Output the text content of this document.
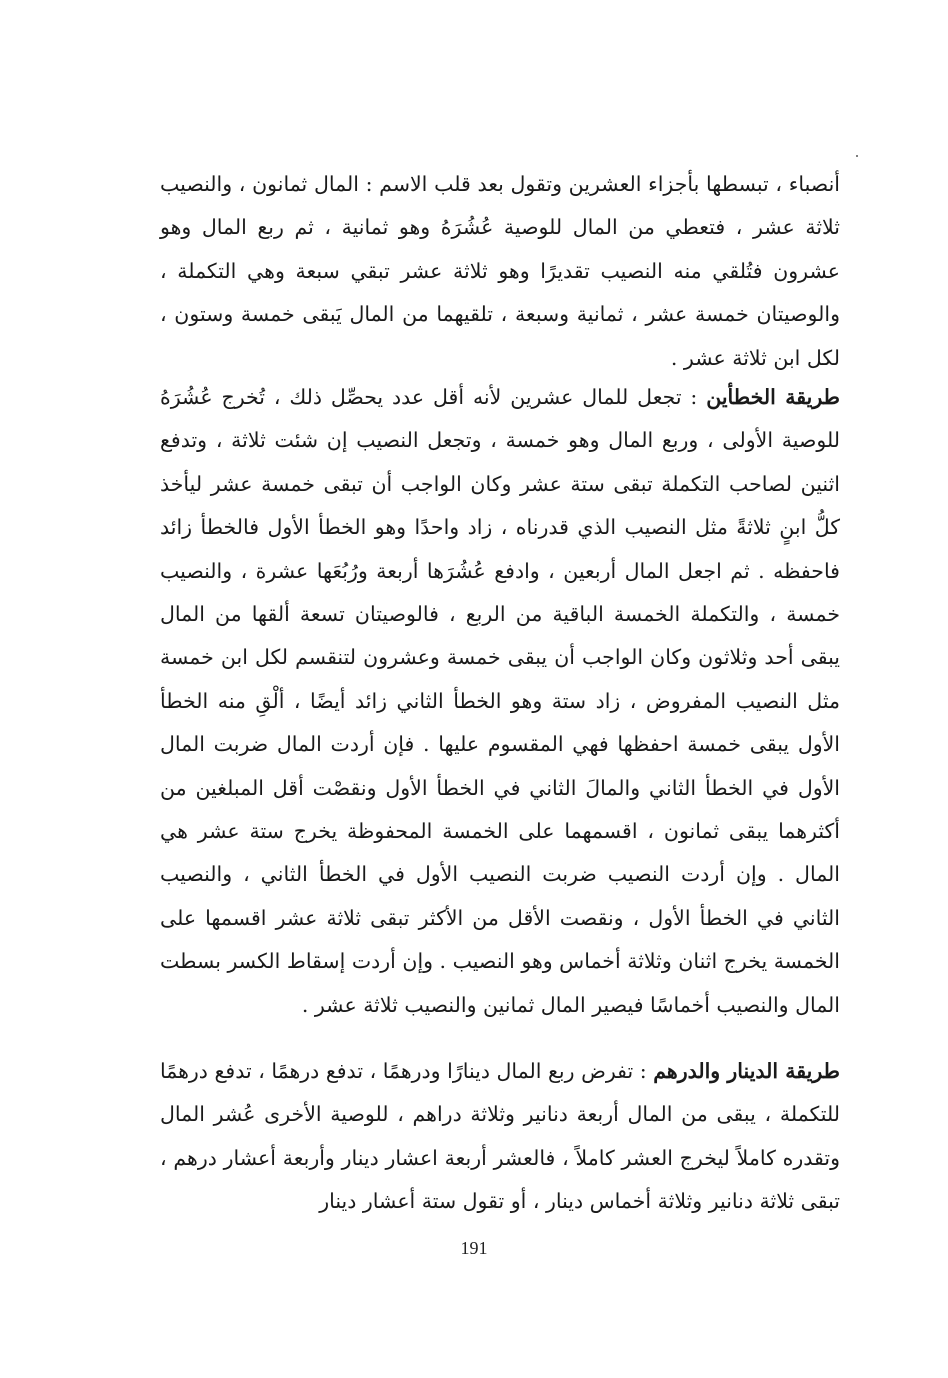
أنصباء ، تبسطها بأجزاء العشرين وتقول بعد قلب الاسم : المال ثمانون ، والنصيب ثلاثة عشر ، فتعطي من المال للوصية عُشُرَهُ وهو ثمانية ، ثم ربع المال وهو عشرون فتُلقي منه النصيب تقديرًا وهو ثلاثة عشر تبقي سبعة وهي التكملة ، والوصيتان خمسة عشر ، ثمانية وسبعة ، تلقيهما من المال يَبقى خمسة وستون ، لكل ابن ثلاثة عشر .
طريقة الخطأين : تجعل للمال عشرين لأنه أقل عدد يحصِّل ذلك ، تُخرج عُشُرَهُ للوصية الأولى ، وربع المال وهو خمسة ، وتجعل النصيب إن شئت ثلاثة ، وتدفع اثنين لصاحب التكملة تبقى ستة عشر وكان الواجب أن تبقى خمسة عشر ليأخذ كلُّ ابنٍ ثلاثةً مثل النصيب الذي قدرناه ، زاد واحدًا وهو الخطأ الأول فالخطأ زائد فاحفظه . ثم اجعل المال أربعين ، وادفع عُشُرَها أربعة ورُبُعَها عشرة ، والنصيب خمسة ، والتكملة الخمسة الباقية من الربع ، فالوصيتان تسعة ألقها من المال يبقى أحد وثلاثون وكان الواجب أن يبقى خمسة وعشرون لتنقسم لكل ابن خمسة مثل النصيب المفروض ، زاد ستة وهو الخطأ الثاني زائد أيضًا ، ألْقِ منه الخطأ الأول يبقى خمسة احفظها فهي المقسوم عليها . فإن أردت المال ضربت المال الأول في الخطأ الثاني والمالَ الثاني في الخطأ الأول ونقصْت أقل المبلغين من أكثرهما يبقى ثمانون ، اقسمهما على الخمسة المحفوظة يخرج ستة عشر هي المال . وإن أردت النصيب ضربت النصيب الأول في الخطأ الثاني ، والنصيب الثاني في الخطأ الأول ، ونقصت الأقل من الأكثر تبقى ثلاثة عشر اقسمها على الخمسة يخرج اثنان وثلاثة أخماس وهو النصيب . وإن أردت إسقاط الكسر بسطت المال والنصيب أخماسًا فيصير المال ثمانين والنصيب ثلاثة عشر .
طريقة الدينار والدرهم : تفرض ربع المال دينارًا ودرهمًا ، تدفع درهمًا ، تدفع درهمًا للتكملة ، يبقى من المال أربعة دنانير وثلاثة دراهم ، للوصية الأخرى عُشر المال وتقدره كاملاً ليخرج العشر كاملاً ، فالعشر أربعة اعشار دينار وأربعة أعشار درهم ، تبقى ثلاثة دنانير وثلاثة أخماس دينار ، أو تقول ستة أعشار دينار
191
